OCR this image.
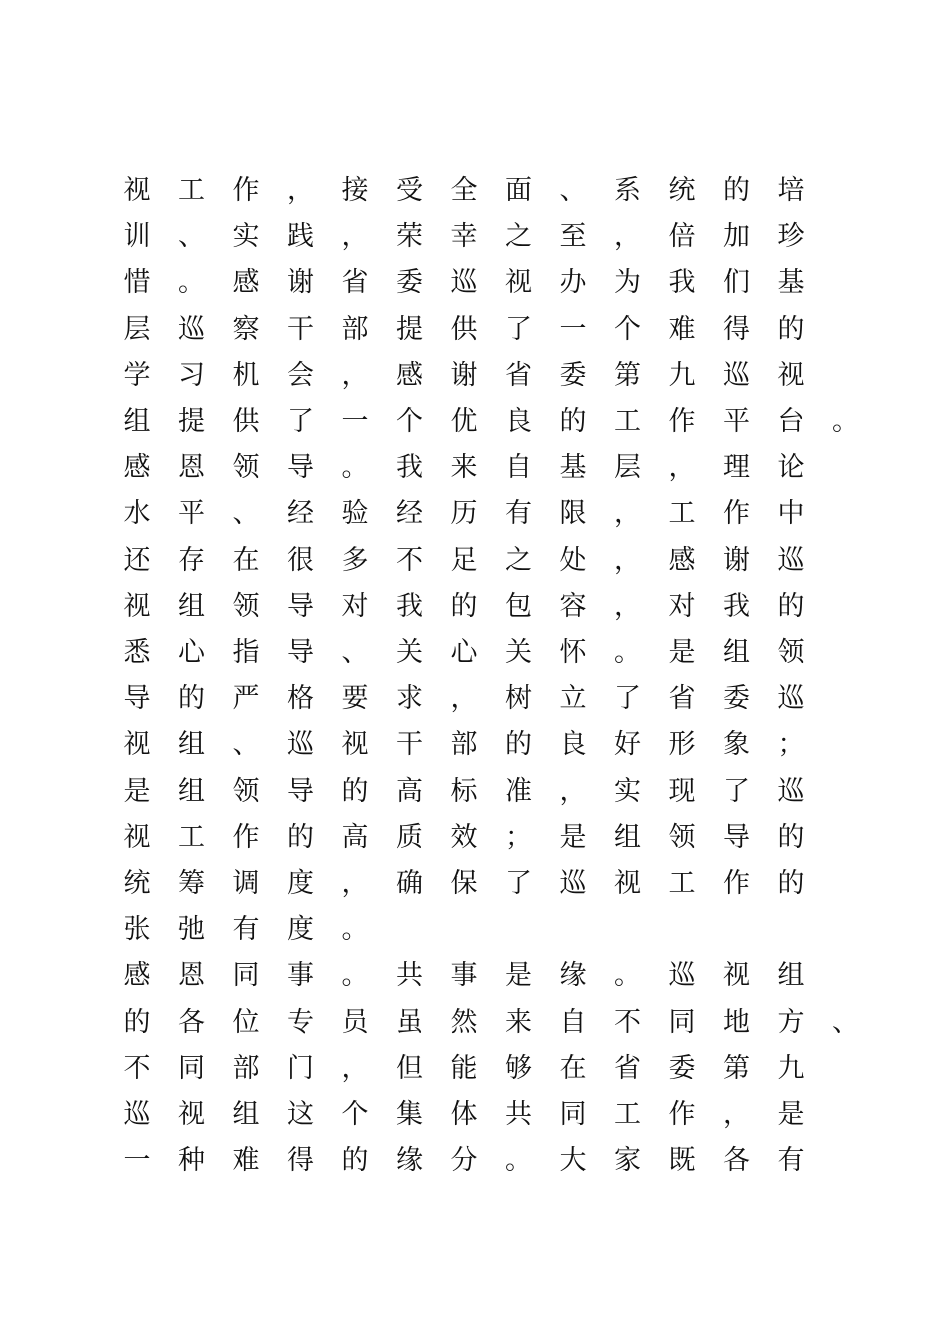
视 工 作 ， 接 受 全 面 、 系 统 的 培
训 、 实 践 ， 荣 幸 之 至 ， 倍 加 珍
惜 。 感 谢 省 委 巡 视 办 为 我 们 基
层 巡 察 干 部 提 供 了 一 个 难 得 的
学 习 机 会 ， 感 谢 省 委 第 九 巡 视
组 提 供 了 一 个 优 良 的 工 作 平 台 。
感 恩 领 导 。 我 来 自 基 层 ， 理 论
水 平 、 经 验 经 历 有 限 ， 工 作 中
还 存 在 很 多 不 足 之 处 ， 感 谢 巡
视 组 领 导 对 我 的 包 容 ， 对 我 的
悉 心 指 导 、 关 心 关 怀 。 是 组 领
导 的 严 格 要 求 ， 树 立 了 省 委 巡
视 组 、 巡 视 干 部 的 良 好 形 象 ；
是 组 领 导 的 高 标 准 ， 实 现 了 巡
视 工 作 的 高 质 效 ； 是 组 领 导 的
统 筹 调 度 ， 确 保 了 巡 视 工 作 的
张 弛 有 度 。
感 恩 同 事 。 共 事 是 缘 。 巡 视 组
的 各 位 专 员 虽 然 来 自 不 同 地 方 、
不 同 部 门 ， 但 能 够 在 省 委 第 九
巡 视 组 这 个 集 体 共 同 工 作 ， 是
一 种 难 得 的 缘 分 。 大 家 既 各 有
